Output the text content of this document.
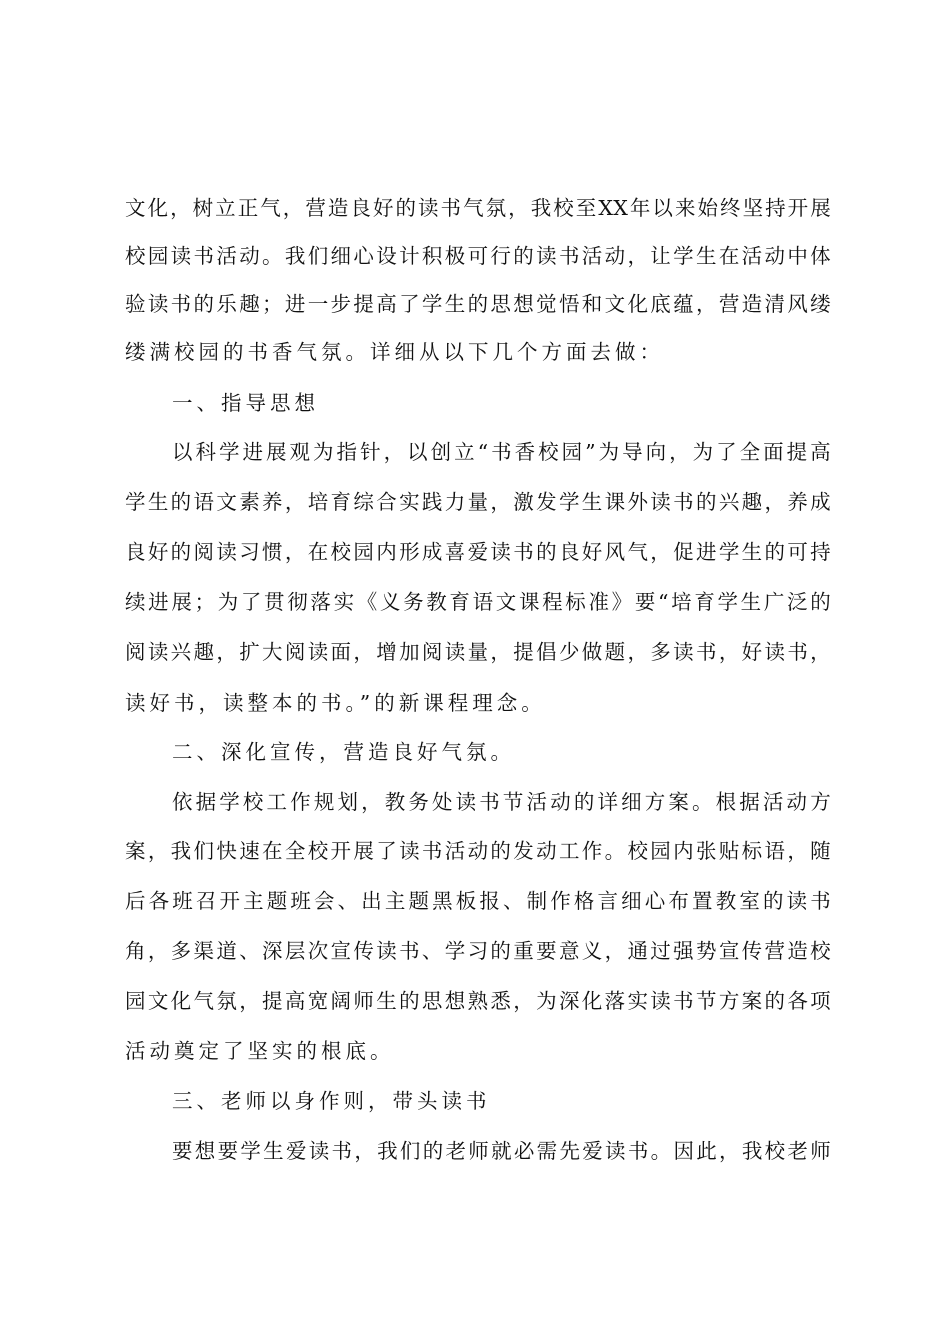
文化，树立正气，营造良好的读书气氛，我校至XX年以来始终坚持开展
校园读书活动。我们细心设计积极可行的读书活动，让学生在活动中体
验读书的乐趣；进一步提高了学生的思想觉悟和文化底蕴，营造清风缕
缕满校园的书香气氛。详细从以下几个方面去做：
一、指导思想
以科学进展观为指针，以创立“书香校园”为导向，为了全面提高
学生的语文素养，培育综合实践力量，激发学生课外读书的兴趣，养成
良好的阅读习惯，在校园内形成喜爱读书的良好风气，促进学生的可持
续进展；为了贯彻落实《义务教育语文课程标准》要“培育学生广泛的
阅读兴趣，扩大阅读面，增加阅读量，提倡少做题，多读书，好读书，
读好书，读整本的书。”的新课程理念。
二、深化宣传，营造良好气氛。
依据学校工作规划，教务处读书节活动的详细方案。根据活动方
案，我们快速在全校开展了读书活动的发动工作。校园内张贴标语，随
后各班召开主题班会、出主题黑板报、制作格言细心布置教室的读书
角，多渠道、深层次宣传读书、学习的重要意义，通过强势宣传营造校
园文化气氛，提高宽阔师生的思想熟悉，为深化落实读书节方案的各项
活动奠定了坚实的根底。
三、老师以身作则，带头读书
要想要学生爱读书，我们的老师就必需先爱读书。因此，我校老师
